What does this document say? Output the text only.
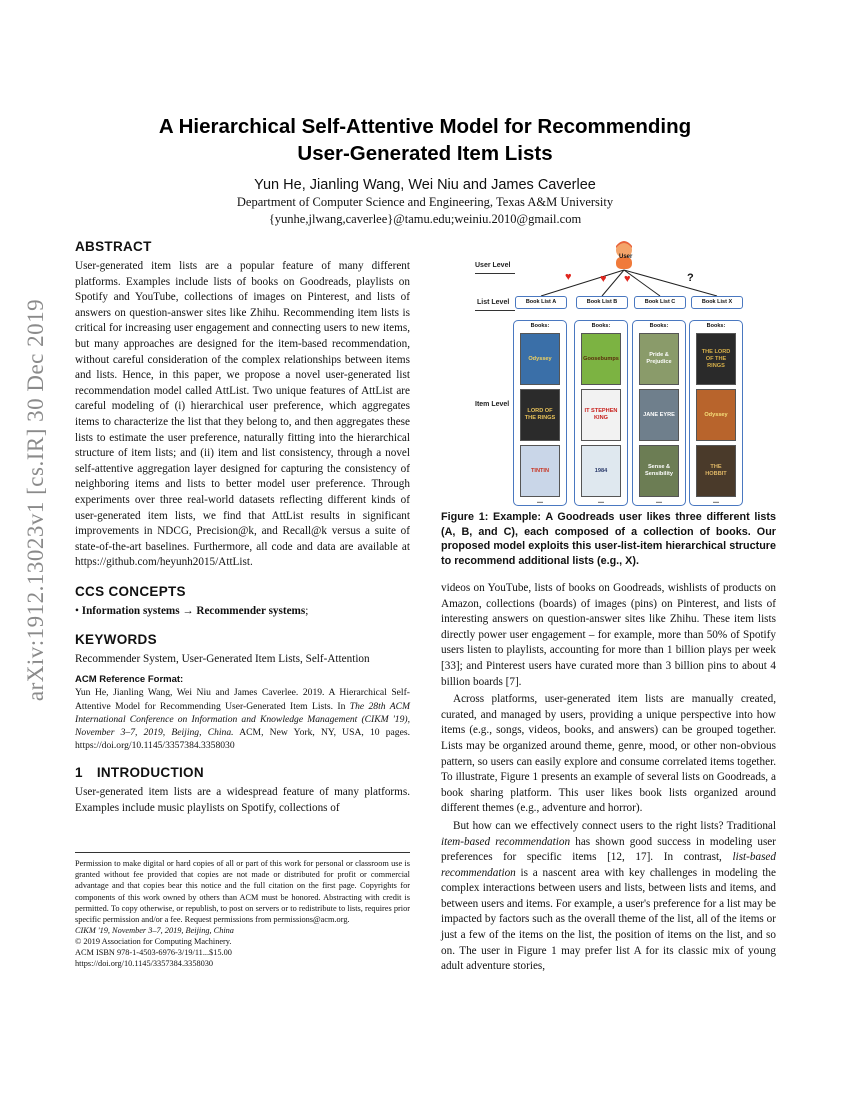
arXiv:1912.13023v1 [cs.IR] 30 Dec 2019
A Hierarchical Self-Attentive Model for Recommending
User-Generated Item Lists
Yun He, Jianling Wang, Wei Niu and James Caverlee
Department of Computer Science and Engineering, Texas A&M University
{yunhe,jlwang,caverlee}@tamu.edu;weiniu.2010@gmail.com
ABSTRACT
User-generated item lists are a popular feature of many different platforms. Examples include lists of books on Goodreads, playlists on Spotify and YouTube, collections of images on Pinterest, and lists of answers on question-answer sites like Zhihu. Recommending item lists is critical for increasing user engagement and connecting users to new items, but many approaches are designed for the item-based recommendation, without careful consideration of the complex relationships between items and lists. Hence, in this paper, we propose a novel user-generated list recommendation model called AttList. Two unique features of AttList are careful modeling of (i) hierarchical user preference, which aggregates items to characterize the list that they belong to, and then aggregates these lists to estimate the user preference, naturally fitting into the hierarchical structure of item lists; and (ii) item and list consistency, through a novel self-attentive aggregation layer designed for capturing the consistency of neighboring items and lists to better model user preference. Through experiments over three real-world datasets reflecting different kinds of user-generated item lists, we find that AttList results in significant improvements in NDCG, Precision@k, and Recall@k versus a suite of state-of-the-art baselines. Furthermore, all code and data are available at https://github.com/heyunh2015/AttList.
CCS CONCEPTS
• Information systems → Recommender systems;
KEYWORDS
Recommender System, User-Generated Item Lists, Self-Attention
ACM Reference Format:
Yun He, Jianling Wang, Wei Niu and James Caverlee. 2019. A Hierarchical Self-Attentive Model for Recommending User-Generated Item Lists. In The 28th ACM International Conference on Information and Knowledge Management (CIKM '19), November 3–7, 2019, Beijing, China. ACM, New York, NY, USA, 10 pages. https://doi.org/10.1145/3357384.3358030
1 INTRODUCTION
User-generated item lists are a widespread feature of many platforms. Examples include music playlists on Spotify, collections of
Permission to make digital or hard copies of all or part of this work for personal or classroom use is granted without fee provided that copies are not made or distributed for profit or commercial advantage and that copies bear this notice and the full citation on the first page. Copyrights for components of this work owned by others than ACM must be honored. Abstracting with credit is permitted. To copy otherwise, or republish, to post on servers or to redistribute to lists, requires prior specific permission and/or a fee. Request permissions from permissions@acm.org.
CIKM '19, November 3–7, 2019, Beijing, China
© 2019 Association for Computing Machinery.
ACM ISBN 978-1-4503-6976-3/19/11...$15.00
https://doi.org/10.1145/3357384.3358030
User
User Level
List Level
Item Level
♥	♥ ♥	?
Book List A	Book List B	Book List C	Book List X
Books:
Odyssey
LORD OF THE RINGS
TINTIN
...
Books:
Goosebumps
IT STEPHEN KING
1984
...
Books:
Pride & Prejudice
JANE EYRE
Sense & Sensibility
...
Books:
THE LORD OF THE RINGS
Odyssey
THE HOBBIT
...
Figure 1: Example: A Goodreads user likes three different lists (A, B, and C), each composed of a collection of books. Our proposed model exploits this user-list-item hierarchical structure to recommend additional lists (e.g., X).
videos on YouTube, lists of books on Goodreads, wishlists of products on Amazon, collections (boards) of images (pins) on Pinterest, and lists of interesting answers on question-answer sites like Zhihu. These item lists directly power user engagement – for example, more than 50% of Spotify users listen to playlists, accounting for more than 1 billion plays per week [33]; and Pinterest users have curated more than 3 billion pins to about 4 billion boards [7].
Across platforms, user-generated item lists are manually created, curated, and managed by users, providing a unique perspective into how items (e.g., songs, videos, books, and answers) can be grouped together. Lists may be organized around theme, genre, mood, or other non-obvious pattern, so users can easily explore and consume correlated items together. To illustrate, Figure 1 presents an example of several lists on Goodreads, a book sharing platform. This user likes book lists organized around different themes (e.g., adventure and horror).
But how can we effectively connect users to the right lists? Traditional item-based recommendation has shown good success in modeling user preferences for specific items [12, 17]. In contrast, list-based recommendation is a nascent area with key challenges in modeling the complex interactions between users and lists, between lists and items, and between users and items. For example, a user's preference for a list may be impacted by factors such as the overall theme of the list, all of the items or just a few of the items on the list, the position of items on the list, and so on. The user in Figure 1 may prefer list A for its classic mix of young adult adventure stories,
